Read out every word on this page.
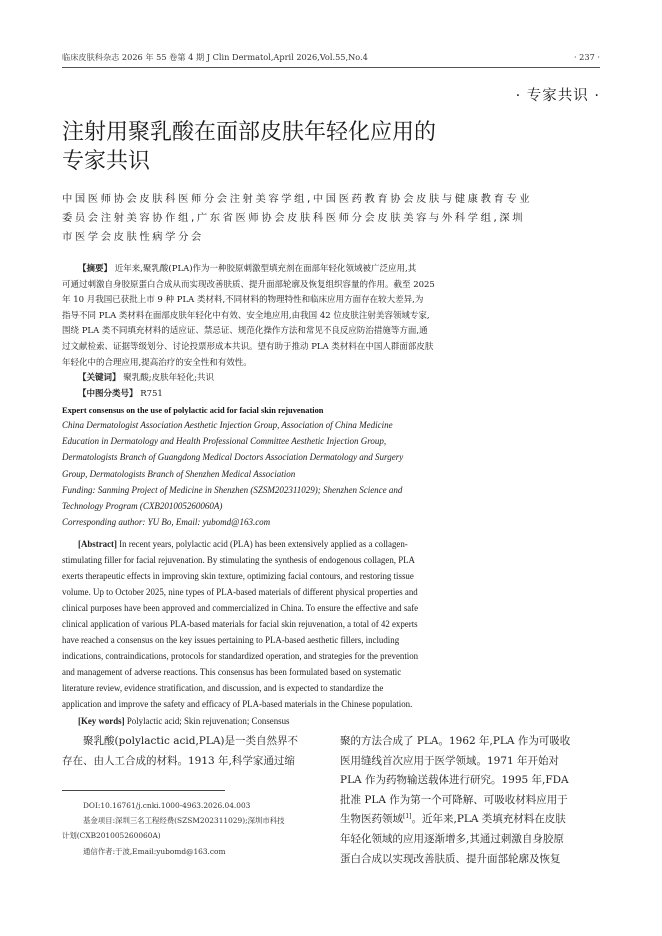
临床皮肤科杂志 2026 年 55 卷第 4 期 J Clin Dermatol,April 2026,Vol.55,No.4	· 237 ·
· 专家共识 ·
注射用聚乳酸在面部皮肤年轻化应用的
专家共识
中国医师协会皮肤科医师分会注射美容学组,中国医药教育协会皮肤与健康教育专业
委员会注射美容协作组,广东省医师协会皮肤科医师分会皮肤美容与外科学组,深圳
市医学会皮肤性病学分会
【摘要】 近年来,聚乳酸(PLA)作为一种胶原刺激型填充剂在面部年轻化领域被广泛应用,其
可通过刺激自身胶原蛋白合成从而实现改善肤质、提升面部轮廓及恢复组织容量的作用。截至 2025
年 10 月我国已获批上市 9 种 PLA 类材料,不同材料的物理特性和临床应用方面存在较大差异,为
指导不同 PLA 类材料在面部皮肤年轻化中有效、安全地应用,由我国 42 位皮肤注射美容领域专家,
围绕 PLA 类不同填充材料的适应证、禁忌证、规范化操作方法和常见不良反应防治措施等方面,通
过文献检索、证据等级划分、讨论投票形成本共识。望有助于推动 PLA 类材料在中国人群面部皮肤
年轻化中的合理应用,提高治疗的安全性和有效性。
【关键词】 聚乳酸;皮肤年轻化;共识
【中图分类号】 R751
Expert consensus on the use of polylactic acid for facial skin rejuvenation
China Dermatologist Association Aesthetic Injection Group, Association of China Medicine
Education in Dermatology and Health Professional Committee Aesthetic Injection Group,
Dermatologists Branch of Guangdong Medical Doctors Association Dermatology and Surgery
Group, Dermatologists Branch of Shenzhen Medical Association
Funding: Sanming Project of Medicine in Shenzhen (SZSM202311029); Shenzhen Science and
Technology Program (CXB201005260060A)
Corresponding author: YU Bo, Email: yubomd@163.com
[Abstract] In recent years, polylactic acid (PLA) has been extensively applied as a collagen-
stimulating filler for facial rejuvenation. By stimulating the synthesis of endogenous collagen, PLA
exerts therapeutic effects in improving skin texture, optimizing facial contours, and restoring tissue
volume. Up to October 2025, nine types of PLA-based materials of different physical properties and
clinical purposes have been approved and commercialized in China. To ensure the effective and safe
clinical application of various PLA-based materials for facial skin rejuvenation, a total of 42 experts
have reached a consensus on the key issues pertaining to PLA-based aesthetic fillers, including
indications, contraindications, protocols for standardized operation, and strategies for the prevention
and management of adverse reactions. This consensus has been formulated based on systematic
literature review, evidence stratification, and discussion, and is expected to standardize the
application and improve the safety and efficacy of PLA-based materials in the Chinese population.
[Key words] Polylactic acid; Skin rejuvenation; Consensus
聚乳酸(polylactic acid,PLA)是一类自然界不
存在、由人工合成的材料。1913 年,科学家通过缩
DOI:10.16761/j.cnki.1000-4963.2026.04.003
基金项目:深圳三名工程经费(SZSM202311029);深圳市科技
计划(CXB201005260060A)
通信作者:于波,Email:yubomd@163.com
聚的方法合成了 PLA。1962 年,PLA 作为可吸收
医用缝线首次应用于医学领域。1971 年开始对
PLA 作为药物输送载体进行研究。1995 年,FDA
批准 PLA 作为第一个可降解、可吸收材料应用于
生物医药领域[1]。近年来,PLA 类填充材料在皮肤
年轻化领域的应用逐渐增多,其通过刺激自身胶原
蛋白合成以实现改善肤质、提升面部轮廓及恢复
